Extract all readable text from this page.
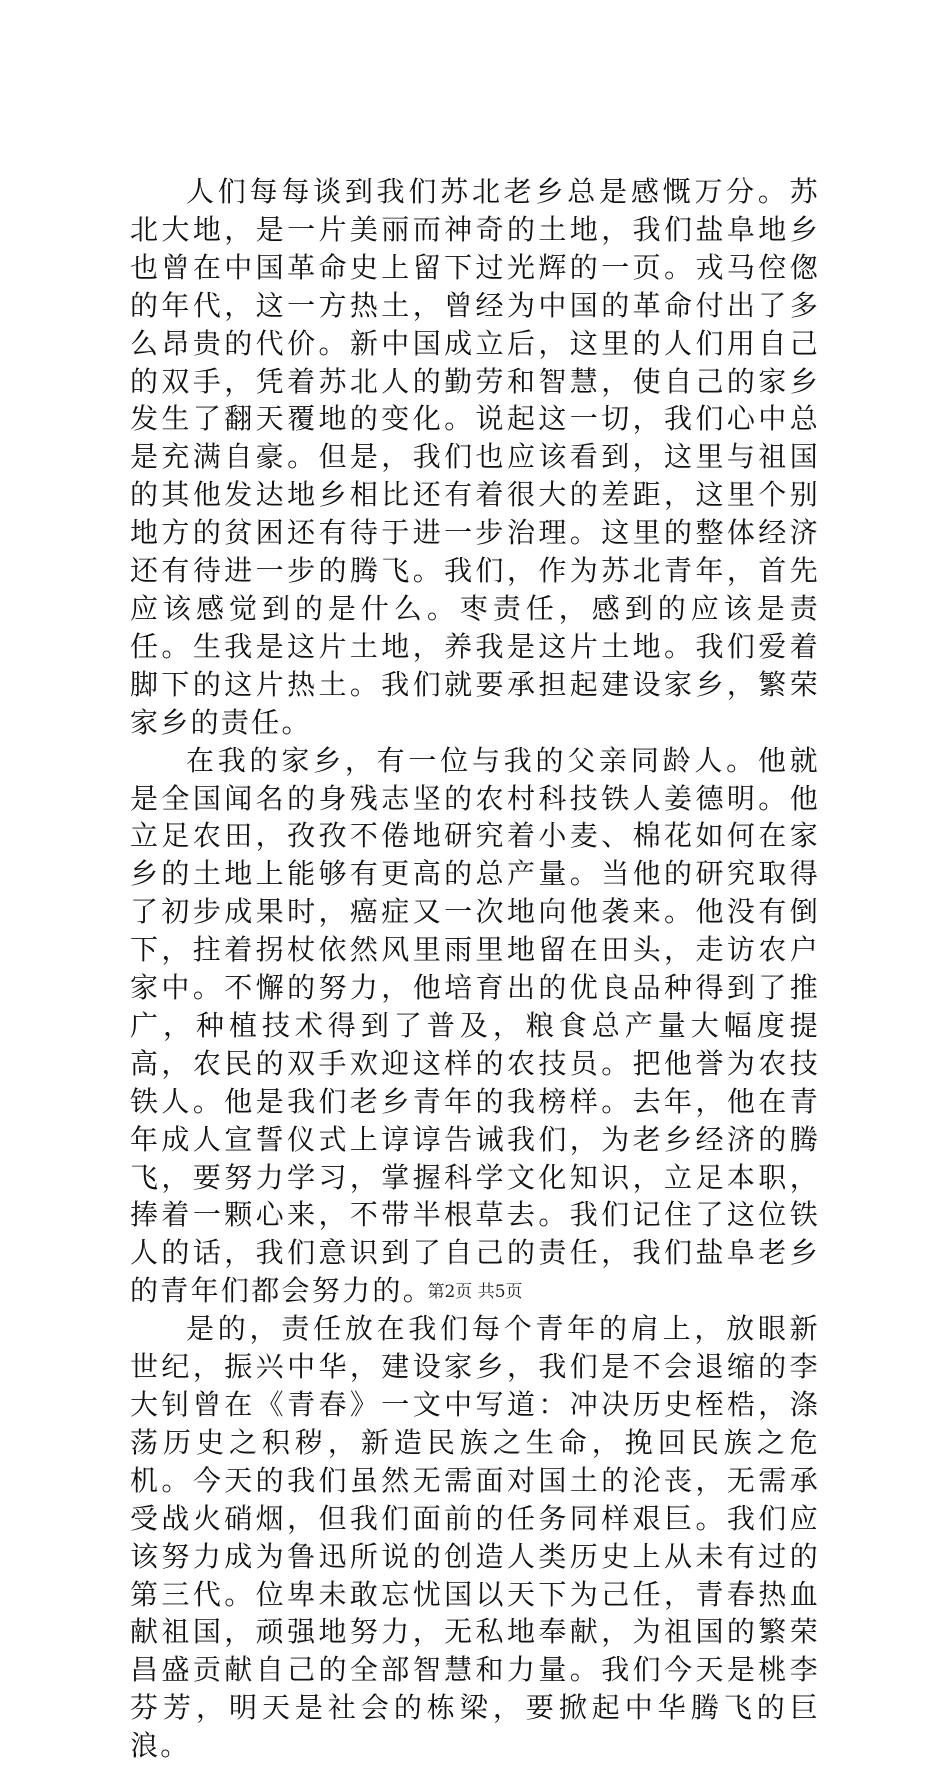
人们每每谈到我们苏北老乡总是感慨万分。苏北大地，是一片美丽而神奇的土地，我们盐阜地乡也曾在中国革命史上留下过光辉的一页。戎马倥偬的年代，这一方热土，曾经为中国的革命付出了多么昂贵的代价。新中国成立后，这里的人们用自己的双手，凭着苏北人的勤劳和智慧，使自己的家乡发生了翻天覆地的变化。说起这一切，我们心中总是充满自豪。但是，我们也应该看到，这里与祖国的其他发达地乡相比还有着很大的差距，这里个别地方的贫困还有待于进一步治理。这里的整体经济还有待进一步的腾飞。我们，作为苏北青年，首先应该感觉到的是什么。枣责任，感到的应该是责任。生我是这片土地，养我是这片土地。我们爱着脚下的这片热土。我们就要承担起建设家乡，繁荣家乡的责任。

在我的家乡，有一位与我的父亲同龄人。他就是全国闻名的身残志坚的农村科技铁人姜德明。他立足农田，孜孜不倦地研究着小麦、棉花如何在家乡的土地上能够有更高的总产量。当他的研究取得了初步成果时，癌症又一次地向他袭来。他没有倒下，拄着拐杖依然风里雨里地留在田头，走访农户家中。不懈的努力，他培育出的优良品种得到了推广，种植技术得到了普及，粮食总产量大幅度提高，农民的双手欢迎这样的农技员。把他誉为农技铁人。他是我们老乡青年的我榜样。去年，他在青年成人宣誓仪式上谆谆告诫我们，为老乡经济的腾飞，要努力学习，掌握科学文化知识，立足本职，捧着一颗心来，不带半根草去。我们记住了这位铁人的话，我们意识到了自己的责任，我们盐阜老乡的青年们都会努力的。

是的，责任放在我们每个青年的肩上，放眼新世纪，振兴中华，建设家乡，我们是不会退缩的李大钊曾在《青春》一文中写道：冲决历史桎梏，涤荡历史之积秽，新造民族之生命，挽回民族之危机。今天的我们虽然无需面对国土的沦丧，无需承受战火硝烟，但我们面前的任务同样艰巨。我们应该努力成为鲁迅所说的创造人类历史上从未有过的第三代。位卑未敢忘忧国以天下为己任，青春热血献祖国，顽强地努力，无私地奉献，为祖国的繁荣昌盛贡献自己的全部智慧和力量。我们今天是桃李芬芳，明天是社会的栋梁，要掀起中华腾飞的巨浪。

第2页 共5页
